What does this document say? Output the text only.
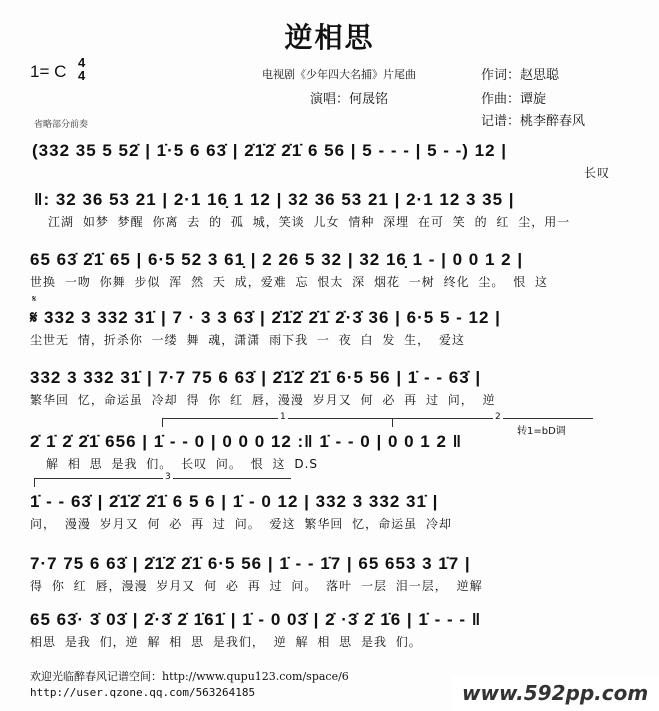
逆相思
1= C 4
4	电视剧《少年四大名捕》片尾曲	作词：赵思聪
演唱：何晟铭	作曲：谭旋
记谱：桃李醉春风
省略部分前奏
(332 35 5 52̇ | 1̇·5 6 63̇ | 2̇1̇2̇ 2̇1̇ 6 56 | 5 - - - | 5 - -) 12 |
长叹
‖: 32 36 53 21 | 2·1 16̣ 1 12 | 32 36 53 21 | 2·1 12 3 35 |
江湖 如梦 梦醒 你离 去 的 孤 城，笑谈 儿女 情种 深埋 在可 笑 的 红 尘，用一
65 63̇ 2̇1̇ 65 | 6·5 52 3 61̣ | 2 26 5 32 | 32 16̣ 1 - | 0 0 1 2 |
世换 一吻 你舞 步似 浑 然 天 成，爱难 忘 恨太 深 烟花 一树 终化 尘。 恨 这
𝄋
𝄋 332 3 332 31̇ | 7 · 3 3 63̇ | 2̇1̇2̇ 2̇1̇ 2̇·3̇ 36 | 6·5 5 - 12 |
尘世无 情，折杀你 一缕 舞 魂，潇潇 雨下我 一 夜 白 发 生， 爱这
332 3 332 31̇ | 7·7 75 6 63̇ | 2̇1̇2̇ 2̇1̇ 6·5 56 | 1̇ - - 63̇ |
繁华回 忆，命运虽 冷却 得 你 红 唇，漫漫 岁月又 何 必 再 过 问， 逆
1	2
转1=bD调
2̇ 1̇ 2̇ 2̇1̇ 656 | 1̇ - - 0 | 0 0 0 12 :‖ 1̇ - - 0 | 0 0 1 2 ‖
解 相 思 是我 们。 长叹 问。 恨 这 D.S
3
1̇ - - 63̇ | 2̇1̇2̇ 2̇1̇ 6 5 6 | 1̇ - 0 12 | 332 3 332 31̇ |
问， 漫漫 岁月又 何 必 再 过 问。 爱这 繁华回 忆，命运虽 冷却
7·7 75 6 63̇ | 2̇1̇2̇ 2̇1̇ 6·5 56 | 1̇ - - 1̇7 | 65 653 3 1̇7 |
得 你 红 唇，漫漫 岁月又 何 必 再 过 问。 落叶 一层 泪一层， 逆解
65 63̇· 3̇ 03̇ | 2̇·3̇ 2̇ 1̇61̇ | 1̇ - 0 03̇ | 2̇ ·3̇ 2̇ 1̇6 | 1̇ - - - ‖
相思 是我 们，逆 解 相 思 是我们， 逆 解 相 思 是我 们。
欢迎光临醉春风记谱空间：http://www.qupu123.com/space/6
http://user.qzone.qq.com/563264185	www.592pp.com
